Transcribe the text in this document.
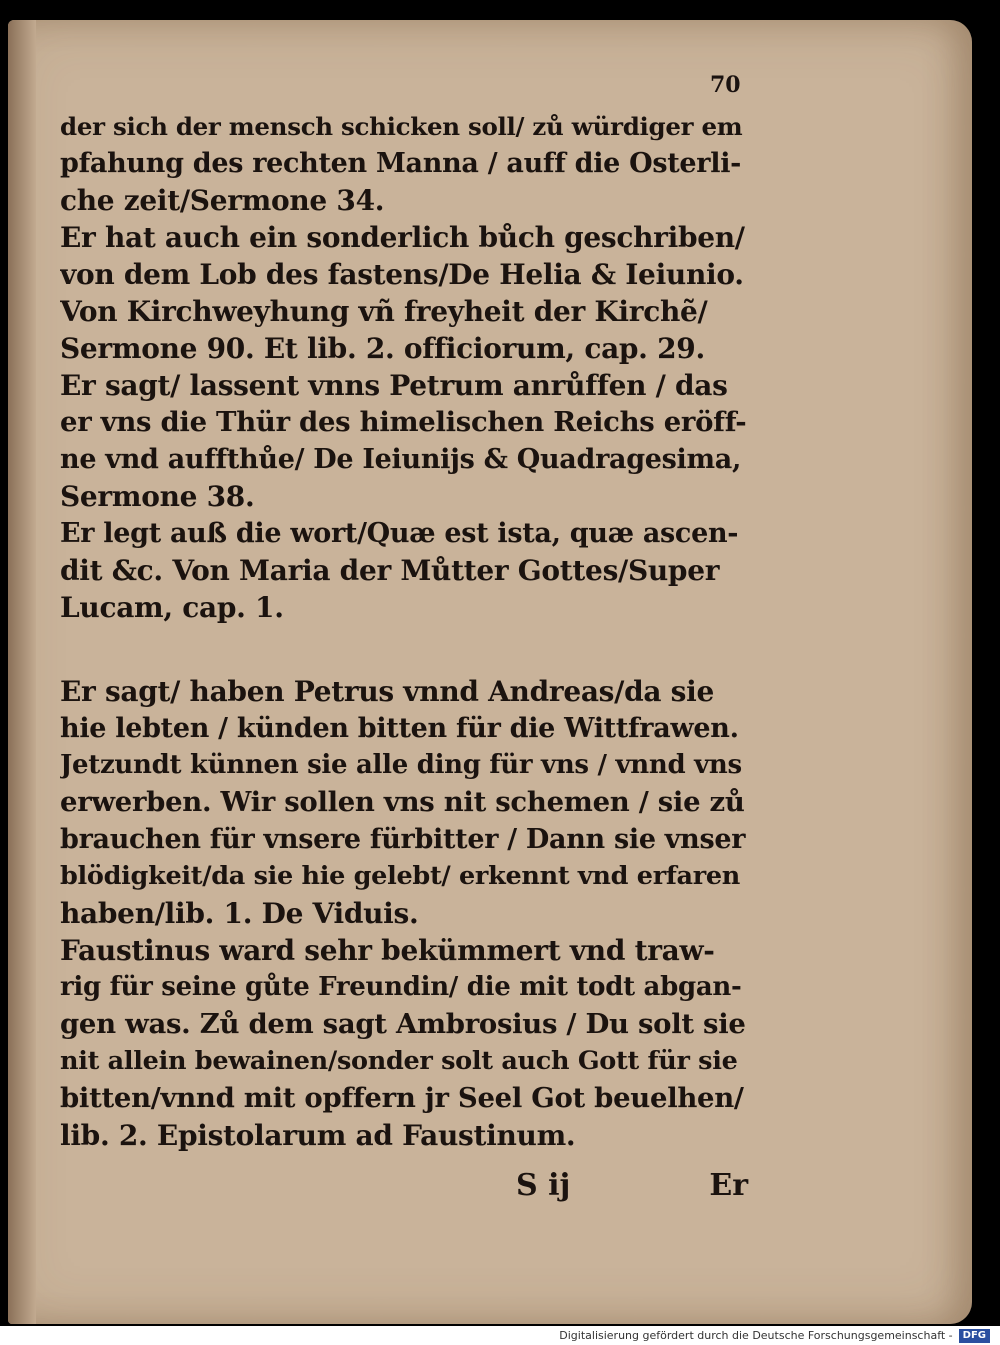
70
der sich der mensch schicken soll/ zů würdiger em
pfahung des rechten Manna / auff die Osterli-
che zeit/Sermone 34.
Er hat auch ein sonderlich bůch geschriben/
von dem Lob des fastens/De Helia & Ieiunio.
Von Kirchweyhung vñ freyheit der Kirchẽ/
Sermone 90. Et lib. 2. officiorum, cap. 29.
Er sagt/ lassent vnns Petrum anrůffen / das
er vns die Thür des himelischen Reichs eröff-
ne vnd auffthůe/ De Ieiunijs & Quadragesima,
Sermone 38.
Er legt auß die wort/Quæ est ista, quæ ascen-
dit &c. Von Maria der Můtter Gottes/Super
Lucam, cap. 1.
Er sagt/ haben Petrus vnnd Andreas/da sie
hie lebten / künden bitten für die Wittfrawen.
Jetzundt künnen sie alle ding für vns / vnnd vns
erwerben. Wir sollen vns nit schemen / sie zů
brauchen für vnsere fürbitter / Dann sie vnser
blödigkeit/da sie hie gelebt/ erkennt vnd erfaren
haben/lib. 1. De Viduis.
Faustinus ward sehr bekümmert vnd traw-
rig für seine gůte Freundin/ die mit todt abgan-
gen was. Zů dem sagt Ambrosius / Du solt sie
nit allein bewainen/sonder solt auch Gott für sie
bitten/vnnd mit opffern jr Seel Got beuelhen/
lib. 2. Epistolarum ad Faustinum.
S ij	Er
Digitalisierung gefördert durch die Deutsche Forschungsgemeinschaft - DFG
